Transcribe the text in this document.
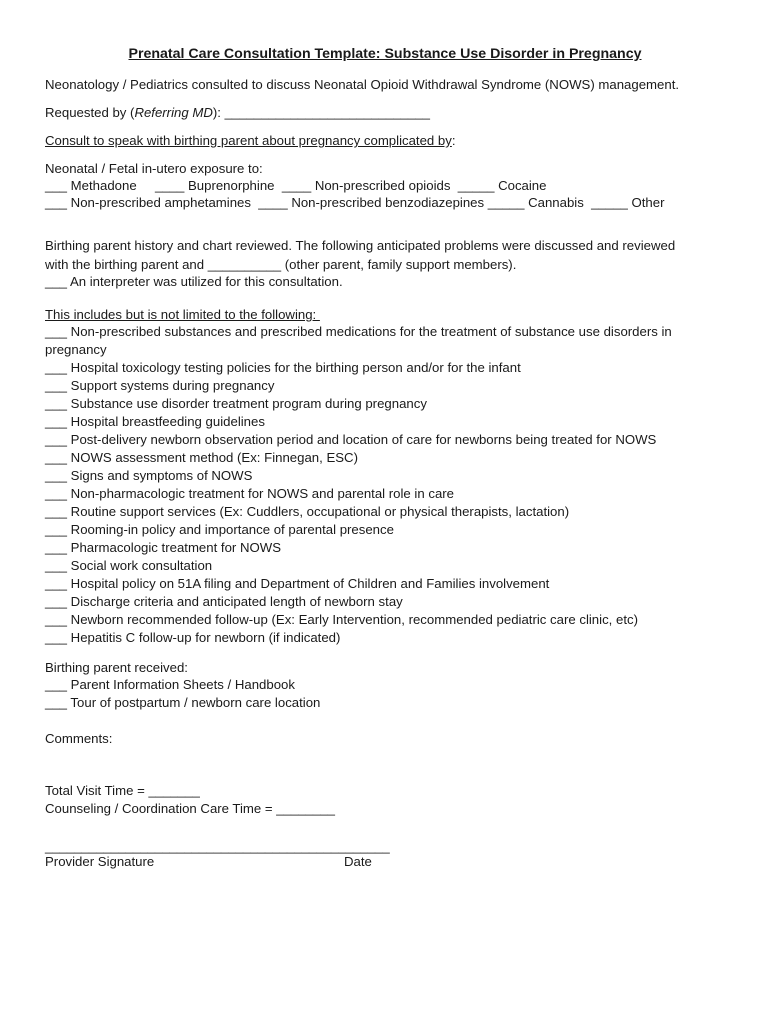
Prenatal Care Consultation Template: Substance Use Disorder in Pregnancy
Neonatology / Pediatrics consulted to discuss Neonatal Opioid Withdrawal Syndrome (NOWS) management.
Requested by (Referring MD): ____________________________
Consult to speak with birthing parent about pregnancy complicated by:
Neonatal / Fetal in-utero exposure to:
___ Methadone     ____ Buprenorphine  ____ Non-prescribed opioids  _____ Cocaine
___ Non-prescribed amphetamines  ____ Non-prescribed benzodiazepines _____ Cannabis  _____ Other
Birthing parent history and chart reviewed. The following anticipated problems were discussed and reviewed
with the birthing parent and __________ (other parent, family support members).
___ An interpreter was utilized for this consultation.
This includes but is not limited to the following:
___ Non-prescribed substances and prescribed medications for the treatment of substance use disorders in
pregnancy
___ Hospital toxicology testing policies for the birthing person and/or for the infant
___ Support systems during pregnancy
___ Substance use disorder treatment program during pregnancy
___ Hospital breastfeeding guidelines
___ Post-delivery newborn observation period and location of care for newborns being treated for NOWS
___ NOWS assessment method (Ex: Finnegan, ESC)
___ Signs and symptoms of NOWS
___ Non-pharmacologic treatment for NOWS and parental role in care
___ Routine support services (Ex: Cuddlers, occupational or physical therapists, lactation)
___ Rooming-in policy and importance of parental presence
___ Pharmacologic treatment for NOWS
___ Social work consultation
___ Hospital policy on 51A filing and Department of Children and Families involvement
___ Discharge criteria and anticipated length of newborn stay
___ Newborn recommended follow-up (Ex: Early Intervention, recommended pediatric care clinic, etc)
___ Hepatitis C follow-up for newborn (if indicated)
Birthing parent received:
___ Parent Information Sheets / Handbook
___ Tour of postpartum / newborn care location
Comments:
Total Visit Time = _______
Counseling / Coordination Care Time = ________
_______________________________________________
Provider Signature	Date
